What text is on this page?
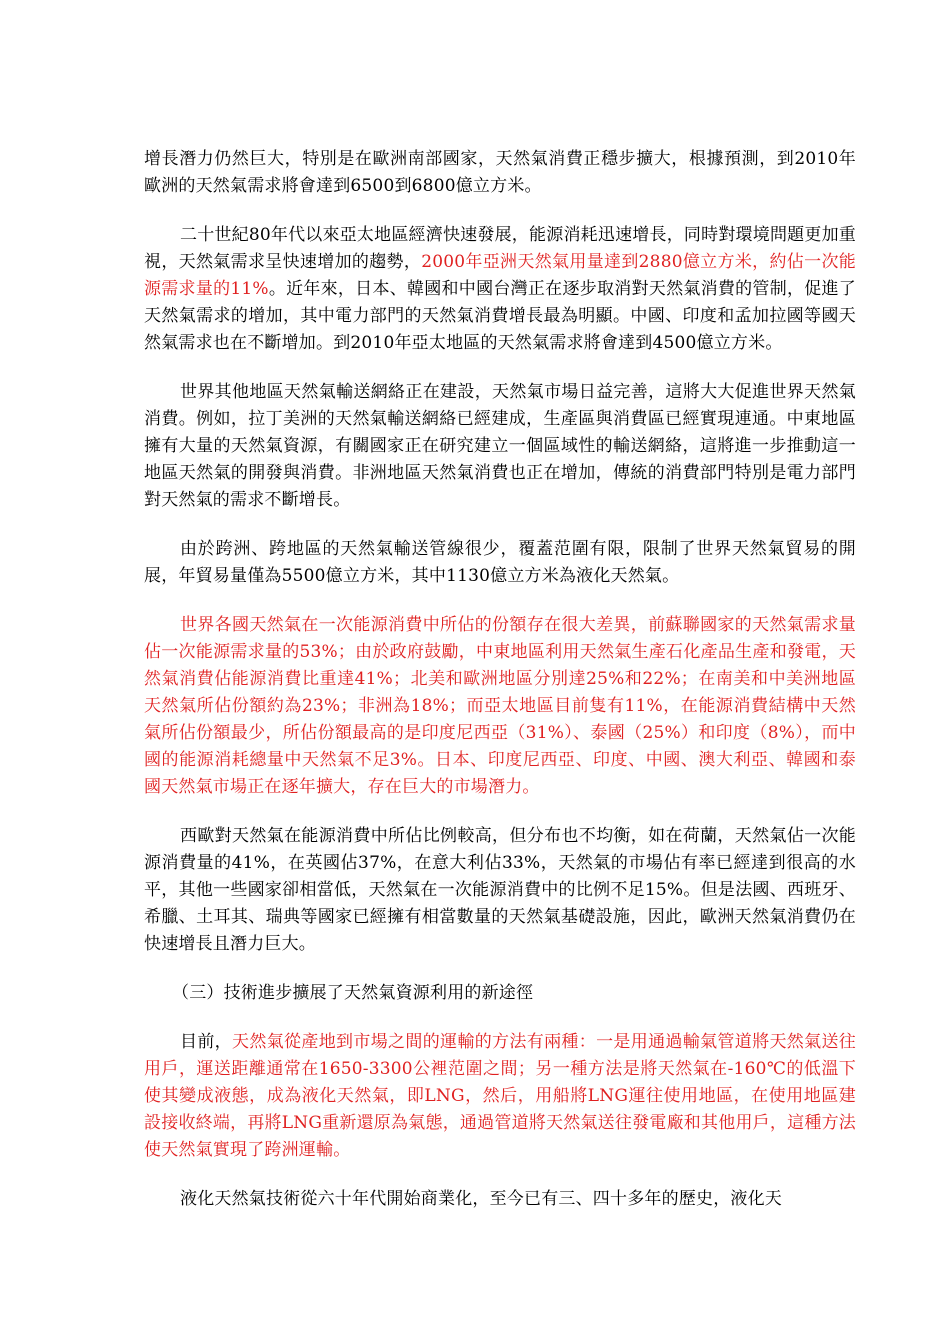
增長潛力仍然巨大，特別是在歐洲南部國家，天然氣消費正穩步擴大，根據預測，到2010年歐洲的天然氣需求將會達到6500到6800億立方米。

二十世紀80年代以來亞太地區經濟快速發展，能源消耗迅速增長，同時對環境問題更加重視，天然氣需求呈快速增加的趨勢，2000年亞洲天然氣用量達到2880億立方米，約佔一次能源需求量的11%。近年來，日本、韓國和中國台灣正在逐步取消對天然氣消費的管制，促進了天然氣需求的增加，其中電力部門的天然氣消費增長最為明顯。中國、印度和孟加拉國等國天然氣需求也在不斷增加。到2010年亞太地區的天然氣需求將會達到4500億立方米。

世界其他地區天然氣輸送網絡正在建設，天然氣市場日益完善，這將大大促進世界天然氣消費。例如，拉丁美洲的天然氣輸送網絡已經建成，生產區與消費區已經實現連通。中東地區擁有大量的天然氣資源，有關國家正在研究建立一個區域性的輸送網絡，這將進一步推動這一地區天然氣的開發與消費。非洲地區天然氣消費也正在增加，傳統的消費部門特別是電力部門對天然氣的需求不斷增長。

由於跨洲、跨地區的天然氣輸送管線很少，覆蓋范圍有限，限制了世界天然氣貿易的開展，年貿易量僅為5500億立方米，其中1130億立方米為液化天然氣。

世界各國天然氣在一次能源消費中所佔的份額存在很大差異，前蘇聯國家的天然氣需求量佔一次能源需求量的53%；由於政府鼓勵，中東地區利用天然氣生產石化產品生產和發電，天然氣消費佔能源消費比重達41%；北美和歐洲地區分別達25%和22%；在南美和中美洲地區天然氣所佔份額約為23%；非洲為18%；而亞太地區目前隻有11%，在能源消費結構中天然氣所佔份額最少，所佔份額最高的是印度尼西亞（31%）、泰國（25%）和印度（8%），而中國的能源消耗總量中天然氣不足3%。日本、印度尼西亞、印度、中國、澳大利亞、韓國和泰國天然氣市場正在逐年擴大，存在巨大的市場潛力。

西歐對天然氣在能源消費中所佔比例較高，但分布也不均衡，如在荷蘭，天然氣佔一次能源消費量的41%，在英國佔37%，在意大利佔33%，天然氣的市場佔有率已經達到很高的水平，其他一些國家卻相當低，天然氣在一次能源消費中的比例不足15%。但是法國、西班牙、希臘、土耳其、瑞典等國家已經擁有相當數量的天然氣基礎設施，因此，歐洲天然氣消費仍在快速增長且潛力巨大。

（三）技術進步擴展了天然氣資源利用的新途徑

目前，天然氣從產地到市場之間的運輸的方法有兩種：一是用通過輸氣管道將天然氣送往用戶，運送距離通常在1650-3300公裡范圍之間；另一種方法是將天然氣在-160℃的低溫下使其變成液態，成為液化天然氣，即LNG，然后，用船將LNG運往使用地區，在使用地區建設接收終端，再將LNG重新還原為氣態，通過管道將天然氣送往發電廠和其他用戶，這種方法使天然氣實現了跨洲運輸。

液化天然氣技術從六十年代開始商業化，至今已有三、四十多年的歷史，液化天
